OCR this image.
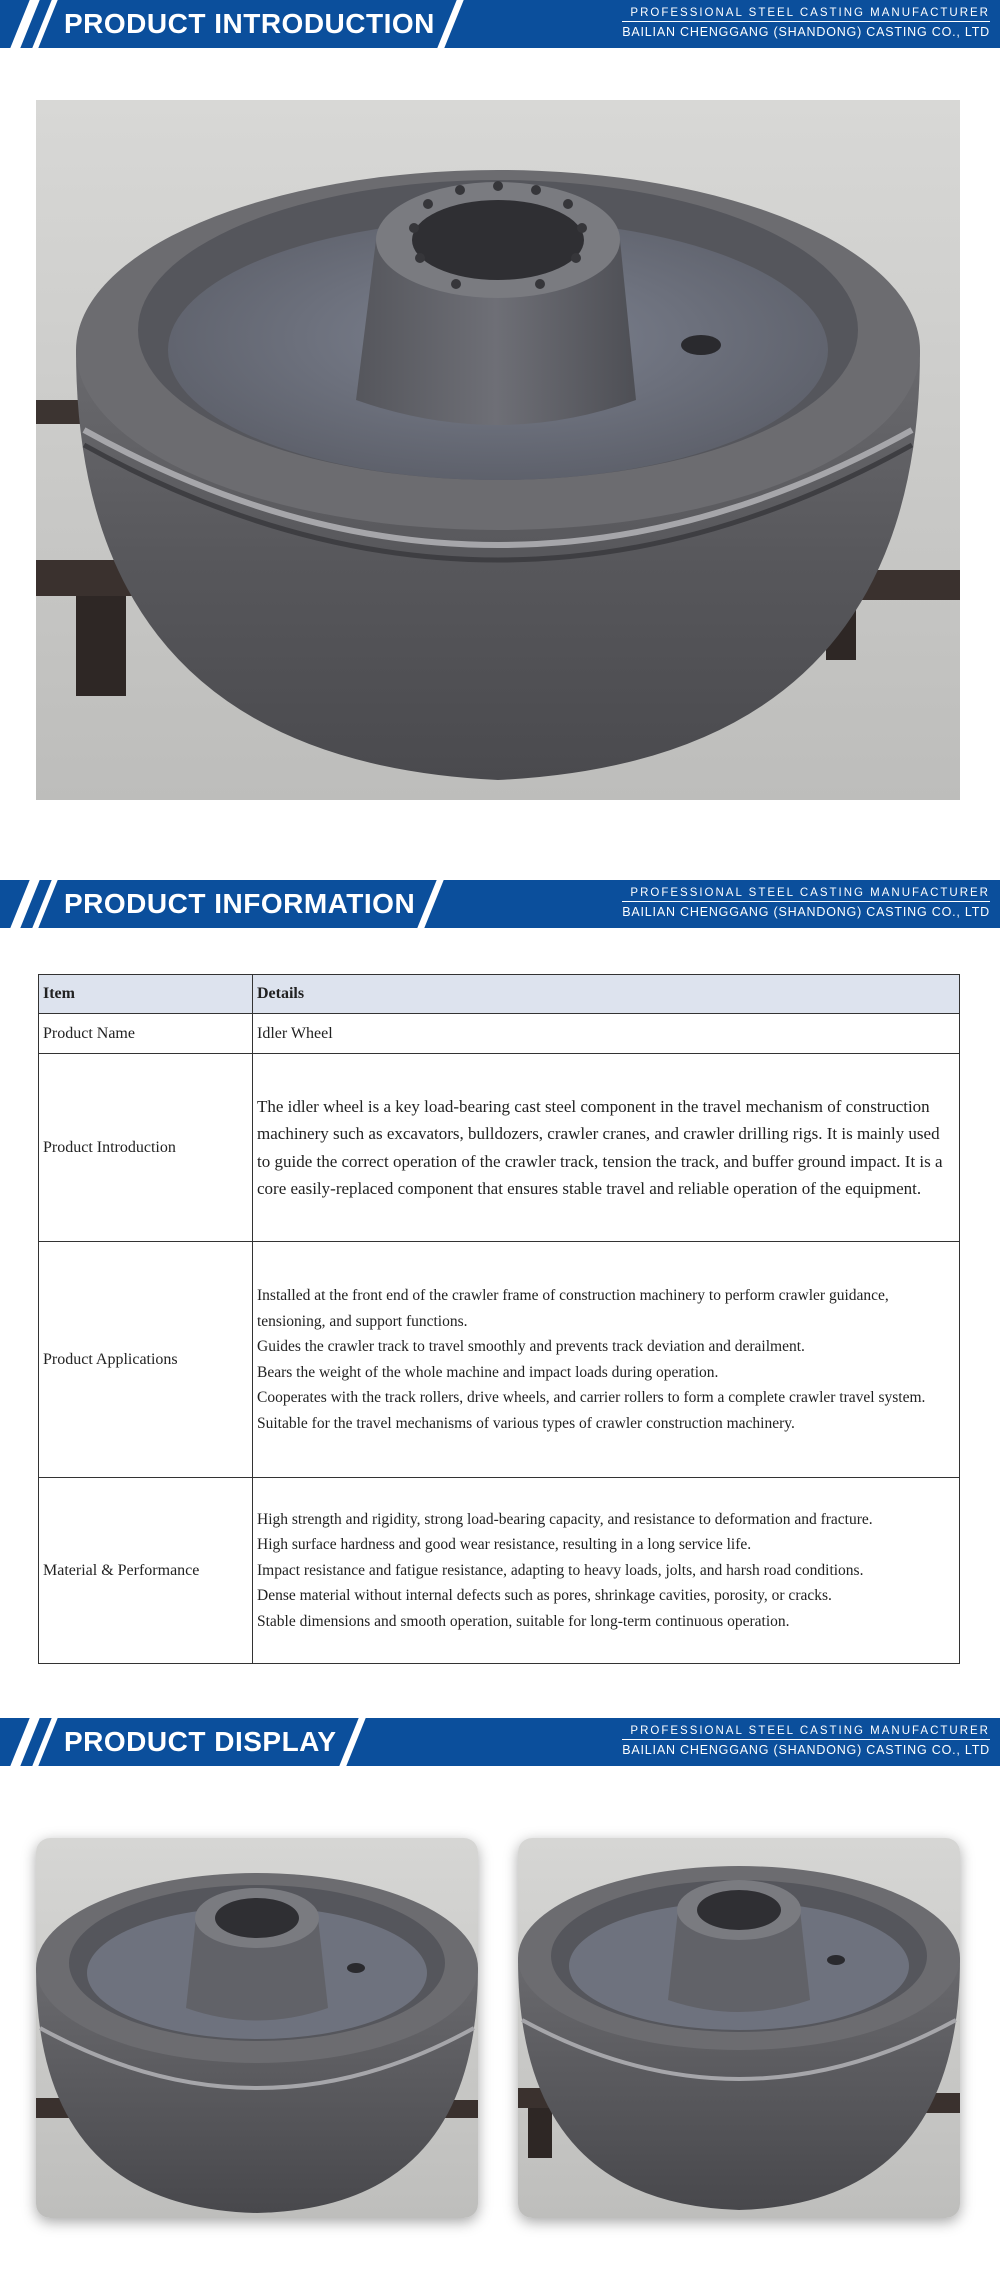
PRODUCT INTRODUCTION	PROFESSIONAL STEEL CASTING MANUFACTURER
BAILIAN CHENGGANG (SHANDONG) CASTING CO., LTD
PRODUCT INFORMATION	PROFESSIONAL STEEL CASTING MANUFACTURER
BAILIAN CHENGGANG (SHANDONG) CASTING CO., LTD
Item	Details
Product Name	Idler Wheel
Product Introduction	The idler wheel is a key load-bearing cast steel component in the travel mechanism of construction machinery such as excavators, bulldozers, crawler cranes, and crawler drilling rigs. It is mainly used to guide the correct operation of the crawler track, tension the track, and buffer ground impact. It is a core easily-replaced component that ensures stable travel and reliable operation of the equipment.

Product Applications	Installed at the front end of the crawler frame of construction machinery to perform crawler guidance, tensioning, and support functions.
Guides the crawler track to travel smoothly and prevents track deviation and derailment.
Bears the weight of the whole machine and impact loads during operation.
Cooperates with the track rollers, drive wheels, and carrier rollers to form a complete crawler travel system.
Suitable for the travel mechanisms of various types of crawler construction machinery.

Material & Performance	High strength and rigidity, strong load-bearing capacity, and resistance to deformation and fracture.
High surface hardness and good wear resistance, resulting in a long service life.
Impact resistance and fatigue resistance, adapting to heavy loads, jolts, and harsh road conditions.
Dense material without internal defects such as pores, shrinkage cavities, porosity, or cracks.
Stable dimensions and smooth operation, suitable for long-term continuous operation.
PRODUCT DISPLAY	PROFESSIONAL STEEL CASTING MANUFACTURER
BAILIAN CHENGGANG (SHANDONG) CASTING CO., LTD
